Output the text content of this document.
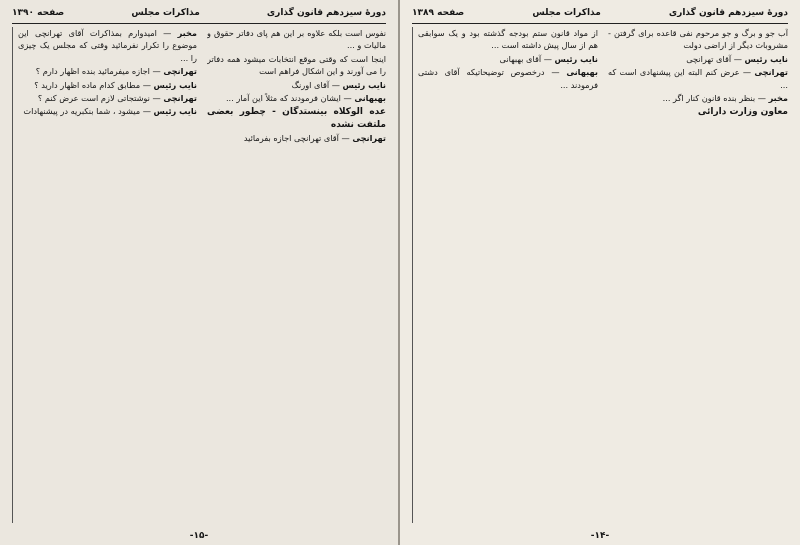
دورهٔ سیزدهم قانون گذاری
مذاکرات مجلس
صفحه ۱۳۹۰

نفوس است بلکه علاوه بر این هم پای دفاتر حقوق و مالیات و ...

اینجا است که وقتی موقع انتخابات میشود همه دفاتر را می آورند و این اشکال فراهم است

نایب رئیس — آقای اورنگ

بهبهانی — ایشان فرمودند که مثلاً این آمار ...

عده الوکلاه بینستدگان - چطور بعضی ملتفت نشده

تهرانچی — آقای تهرانچی اجازه بفرمائید

مخبر — امیدوارم بمذاکرات آقای تهرانچی این موضوع را تکرار نفرمائید وقتی که مجلس یک چیزی را ...

تهرانچی — اجازه میفرمائید بنده اظهار دارم ؟

نایب رئیس — مطابق کدام ماده اظهار دارید ؟

تهرانچی — نوشتجاتی لازم است عرض کنم ؟

نایب رئیس — میشود ، شما بنکبریه در پیشنهادات

-۱۵-
دورهٔ سیزدهم قانون گذاری
مذاکرات مجلس
صفحه ۱۳۸۹

آب جو و برگ و جو مرحوم نفی قاعده برای گرفتن - مشروبات دیگر از اراضی دولت

نایب رئیس — آقای تهرانچی

تهرانچی — عرض کنم البته این پیشنهادی است که ...

مخبر — بنظر بنده قانون کنار اگر ...

معاون وزارت دارائی

از مواد قانون ستم بودجه گذشته بود و یک سوابقی هم از سال پیش داشته است ...

نایب رئیس — آقای بهبهانی

بهبهانی — درخصوص توضیحاتیکه آقای دشتی فرمودند ...

-۱۴-
